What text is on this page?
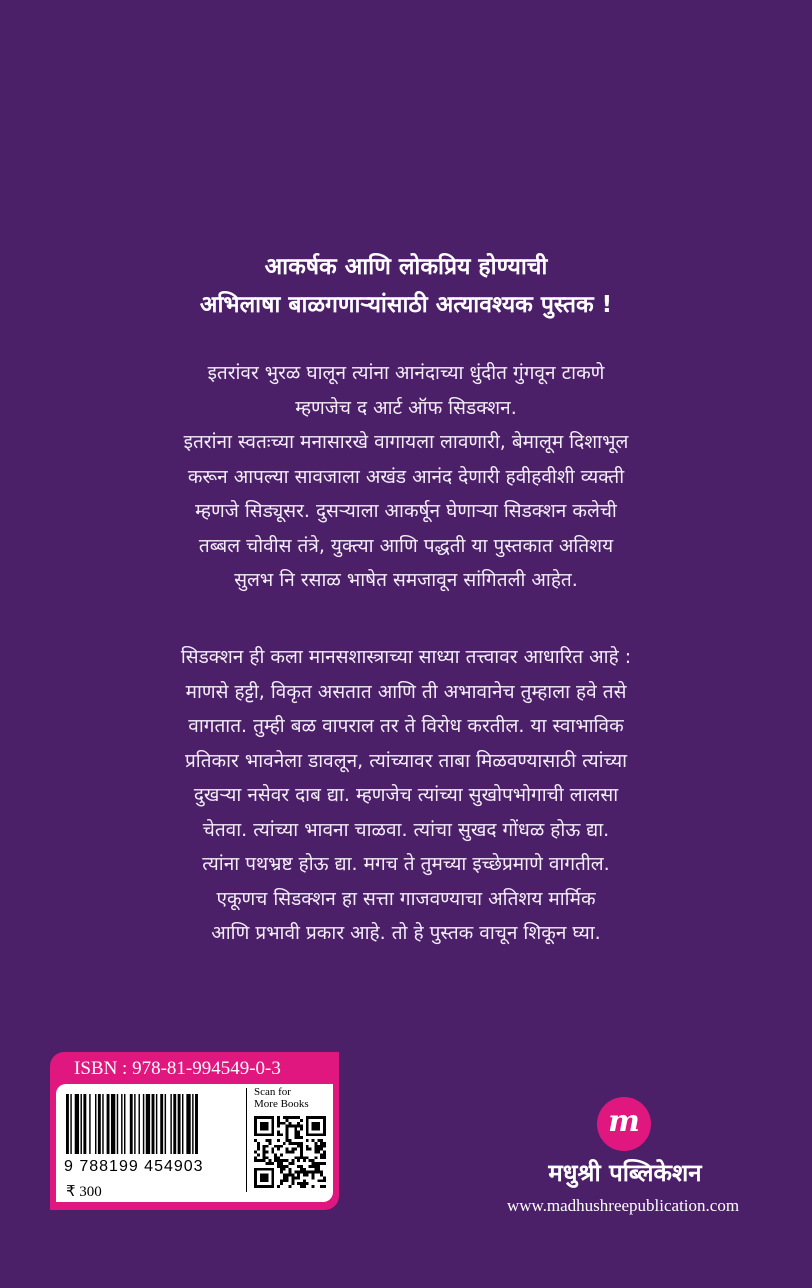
आकर्षक आणि लोकप्रिय होण्याची
अभिलाषा बाळगणाऱ्यांसाठी अत्यावश्यक पुस्तक !
इतरांवर भुरळ घालून त्यांना आनंदाच्या धुंदीत गुंगवून टाकणे
म्हणजेच द आर्ट ऑफ सिडक्शन.
इतरांना स्वतःच्या मनासारखे वागायला लावणारी, बेमालूम दिशाभूल
करून आपल्या सावजाला अखंड आनंद देणारी हवीहवीशी व्यक्ती
म्हणजे सिड्यूसर. दुसऱ्याला आकर्षून घेणाऱ्या सिडक्शन कलेची
तब्बल चोवीस तंत्रे, युक्त्या आणि पद्धती या पुस्तकात अतिशय
सुलभ नि रसाळ भाषेत समजावून सांगितली आहेत.
सिडक्शन ही कला मानसशास्त्राच्या साध्या तत्त्वावर आधारित आहे :
माणसे हट्टी, विकृत असतात आणि ती अभावानेच तुम्हाला हवे तसे
वागतात. तुम्ही बळ वापराल तर ते विरोध करतील. या स्वाभाविक
प्रतिकार भावनेला डावलून, त्यांच्यावर ताबा मिळवण्यासाठी त्यांच्या
दुखऱ्या नसेवर दाब द्या. म्हणजेच त्यांच्या सुखोपभोगाची लालसा
चेतवा. त्यांच्या भावना चाळवा. त्यांचा सुखद गोंधळ होऊ द्या.
त्यांना पथभ्रष्ट होऊ द्या. मगच ते तुमच्या इच्छेप्रमाणे वागतील.
एकूणच सिडक्शन हा सत्ता गाजवण्याचा अतिशय मार्मिक
आणि प्रभावी प्रकार आहे. तो हे पुस्तक वाचून शिकून घ्या.
ISBN : 978-81-994549-0-3
9 788199 454903
₹ 300
Scan for
More Books	m
मधुश्री पब्लिकेशन
www.madhushreepublication.com
